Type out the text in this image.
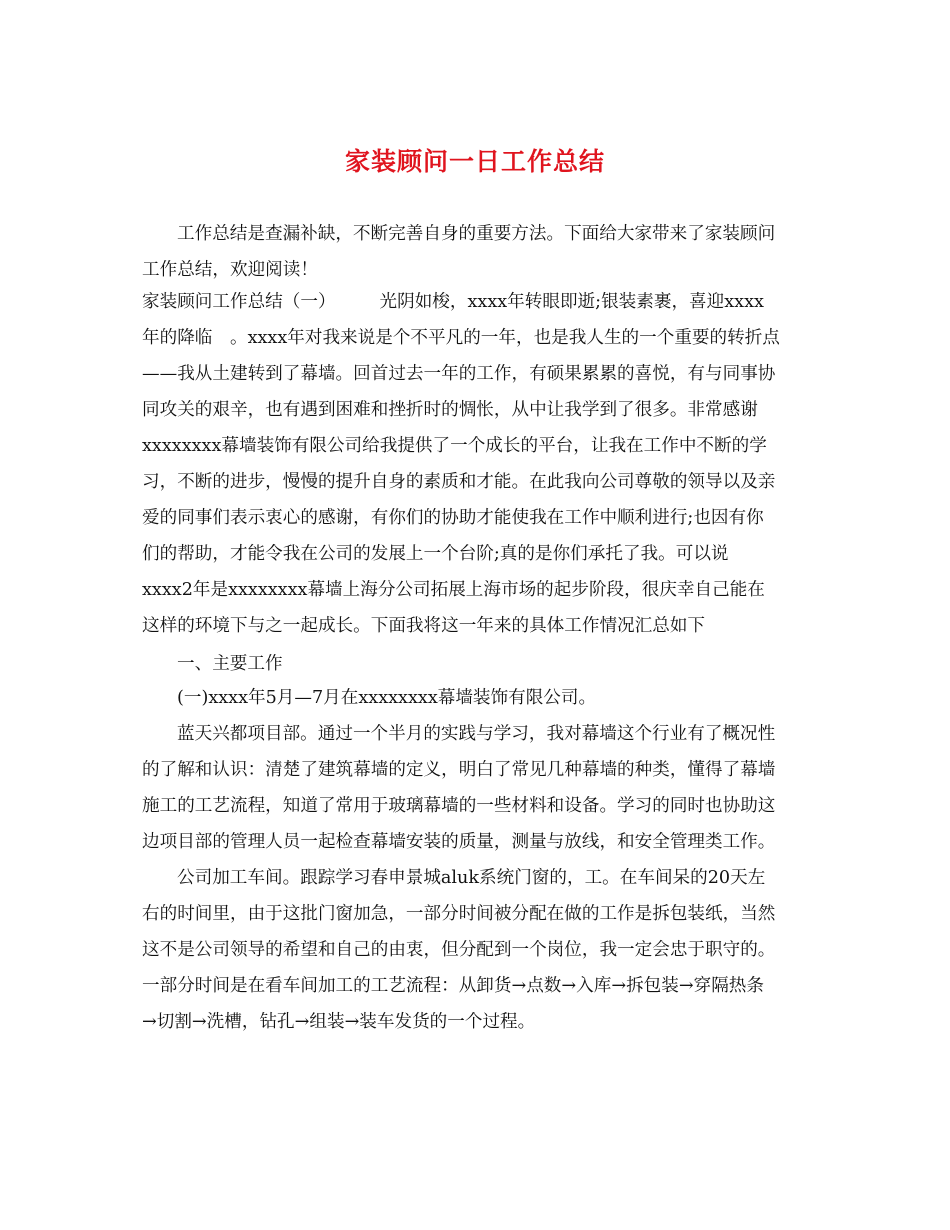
家装顾问一日工作总结
工作总结是查漏补缺，不断完善自身的重要方法。下面给大家带来了家装顾问
工作总结，欢迎阅读！
家装顾问工作总结（一）　　　光阴如梭，xxxx年转眼即逝;银装素裹，喜迎xxxx
年的降临　。xxxx年对我来说是个不平凡的一年，也是我人生的一个重要的转折点
——我从土建转到了幕墙。回首过去一年的工作，有硕果累累的喜悦，有与同事协
同攻关的艰辛，也有遇到困难和挫折时的惆怅，从中让我学到了很多。非常感谢
xxxxxxxx幕墙装饰有限公司给我提供了一个成长的平台，让我在工作中不断的学
习，不断的进步，慢慢的提升自身的素质和才能。在此我向公司尊敬的领导以及亲
爱的同事们表示衷心的感谢，有你们的协助才能使我在工作中顺利进行;也因有你
们的帮助，才能令我在公司的发展上一个台阶;真的是你们承托了我。可以说
xxxx2年是xxxxxxxx幕墙上海分公司拓展上海市场的起步阶段，很庆幸自己能在
这样的环境下与之一起成长。下面我将这一年来的具体工作情况汇总如下
一、主要工作
(一)xxxx年5月—7月在xxxxxxxx幕墙装饰有限公司。
蓝天兴都项目部。通过一个半月的实践与学习，我对幕墙这个行业有了概况性
的了解和认识：清楚了建筑幕墙的定义，明白了常见几种幕墙的种类，懂得了幕墙
施工的工艺流程，知道了常用于玻璃幕墙的一些材料和设备。学习的同时也协助这
边项目部的管理人员一起检查幕墙安装的质量，测量与放线，和安全管理类工作。
公司加工车间。跟踪学习春申景城aluk系统门窗的，工。在车间呆的20天左
右的时间里，由于这批门窗加急，一部分时间被分配在做的工作是拆包装纸，当然
这不是公司领导的希望和自己的由衷，但分配到一个岗位，我一定会忠于职守的。
一部分时间是在看车间加工的工艺流程：从卸货→点数→入库→拆包装→穿隔热条
→切割→洗槽，钻孔→组装→装车发货的一个过程。
